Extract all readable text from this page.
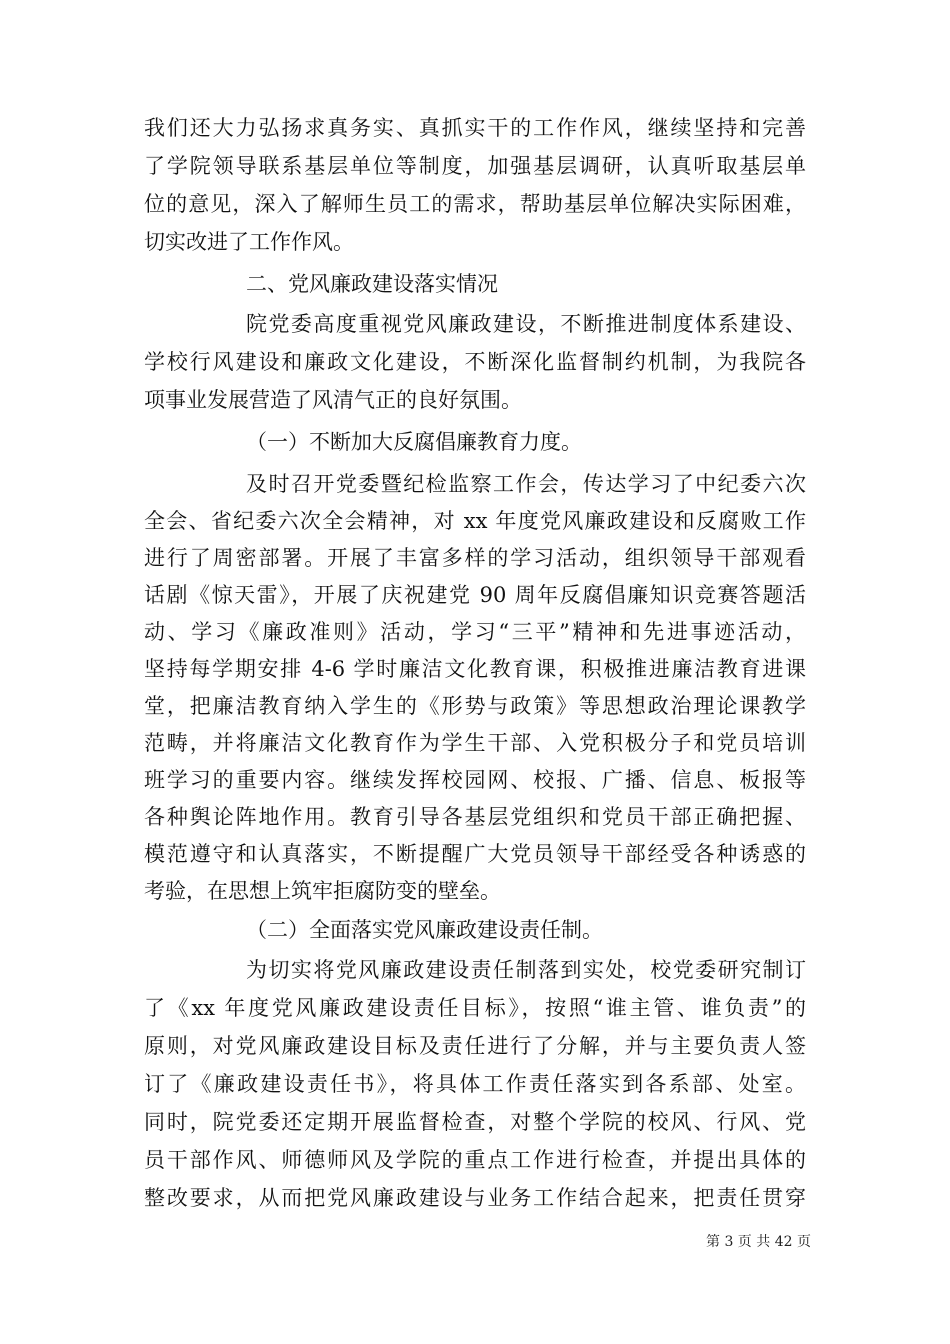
我们还大力弘扬求真务实、真抓实干的工作作风，继续坚持和完善
了学院领导联系基层单位等制度，加强基层调研，认真听取基层单
位的意见，深入了解师生员工的需求，帮助基层单位解决实际困难，
切实改进了工作作风。
二、党风廉政建设落实情况
院党委高度重视党风廉政建设，不断推进制度体系建设、
学校行风建设和廉政文化建设，不断深化监督制约机制，为我院各
项事业发展营造了风清气正的良好氛围。
（一）不断加大反腐倡廉教育力度。
及时召开党委暨纪检监察工作会，传达学习了中纪委六次
全会、省纪委六次全会精神，对 xx 年度党风廉政建设和反腐败工作
进行了周密部署。开展了丰富多样的学习活动，组织领导干部观看
话剧《惊天雷》，开展了庆祝建党 90 周年反腐倡廉知识竞赛答题活
动、学习《廉政准则》活动，学习“三平”精神和先进事迹活动，
坚持每学期安排 4-6 学时廉洁文化教育课，积极推进廉洁教育进课
堂，把廉洁教育纳入学生的《形势与政策》等思想政治理论课教学
范畴，并将廉洁文化教育作为学生干部、入党积极分子和党员培训
班学习的重要内容。继续发挥校园网、校报、广播、信息、板报等
各种舆论阵地作用。教育引导各基层党组织和党员干部正确把握、
模范遵守和认真落实，不断提醒广大党员领导干部经受各种诱惑的
考验，在思想上筑牢拒腐防变的壁垒。
（二）全面落实党风廉政建设责任制。
为切实将党风廉政建设责任制落到实处，校党委研究制订
了《xx 年度党风廉政建设责任目标》，按照“谁主管、谁负责”的
原则，对党风廉政建设目标及责任进行了分解，并与主要负责人签
订了《廉政建设责任书》，将具体工作责任落实到各系部、处室。
同时，院党委还定期开展监督检查，对整个学院的校风、行风、党
员干部作风、师德师风及学院的重点工作进行检查，并提出具体的
整改要求，从而把党风廉政建设与业务工作结合起来，把责任贯穿
第 3 页 共 42 页
